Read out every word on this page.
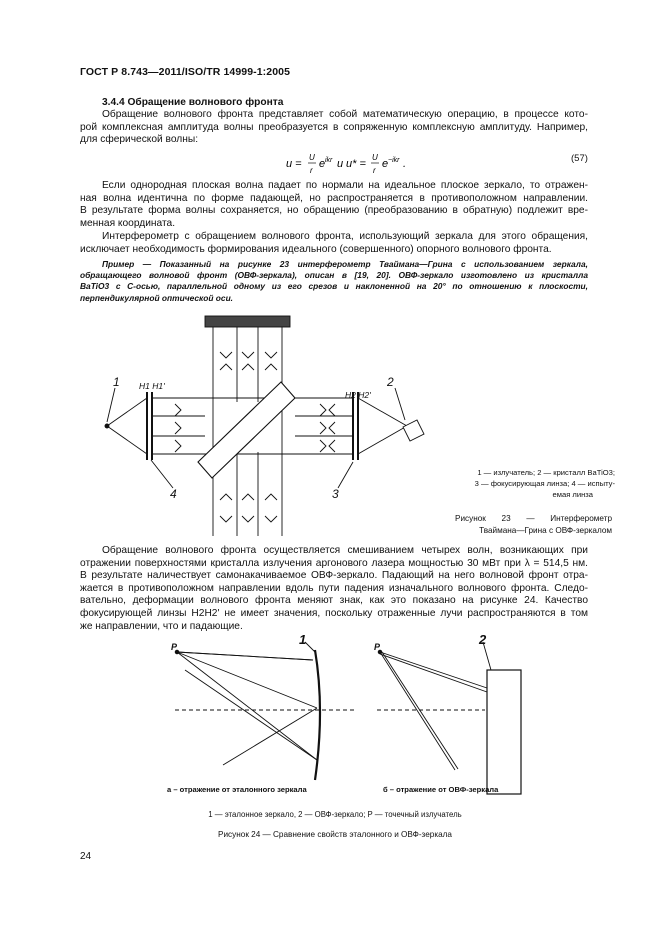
ГОСТ Р 8.743—2011/ISO/TR 14999-1:2005
3.4.4 Обращение волнового фронта
Обращение волнового фронта представляет собой математическую операцию, в процессе кото-
рой комплексная амплитуда волны преобразуется в сопряженную комплексную амплитуду. Например,
для сферической волны:
u =
U
r
e ikr и u* =
U
r
e −ikr .	(57)
Если однородная плоская волна падает по нормали на идеальное плоское зеркало, то отражен-
ная волна идентична по форме падающей, но распространяется в противоположном направлении.
В результате форма волны сохраняется, но обращению (преобразованию в обратную) подлежит вре-
менная координата.
Интерферометр с обращением волнового фронта, использующий зеркала для этого обращения,
исключает необходимость формирования идеального (совершенного) опорного волнового фронта.
Пример — Показанный на рисунке 23 интерферометр Тваймана—Грина с использованием зеркала,
обращающего волновой фронт (ОВФ-зеркала), описан в [19, 20]. ОВФ-зеркало изготовлено из кристалла
BaTiO3 с С-осью, параллельной одному из его срезов и наклоненной на 20° по отношению к плоскости,
перпендикулярной оптической оси.
1	2
3
4
H1 H1'
H2 H2'
1 — излучатель; 2 — кристалл BaTiO3;
3 — фокусирующая линза; 4 — испыту-
емая линза
Рисунок 23 — Интерферометр
Тваймана—Грина с ОВФ-зеркалом
Обращение волнового фронта осуществляется смешиванием четырех волн, возникающих при
отражении поверхностями кристалла излучения аргонового лазера мощностью 30 мВт при λ = 514,5 нм.
В результате наличествует самонакачиваемое ОВФ-зеркало. Падающий на него волновой фронт отра-
жается в противоположном направлении вдоль пути падения изначального волнового фронта. Следо-
вательно, деформации волнового фронта меняют знак, как это показано на рисунке 24. Качество
фокусирующей линзы H2H2' не имеет значения, поскольку отраженные лучи распространяются в том
же направлении, что и падающие.
1	2
P	P
а – отражение от эталонного зеркала	б – отражение от ОВФ-зеркала
1 — эталонное зеркало, 2 — ОВФ-зеркало; P — точечный излучатель
Рисунок 24 — Сравнение свойств эталонного и ОВФ-зеркала
24
